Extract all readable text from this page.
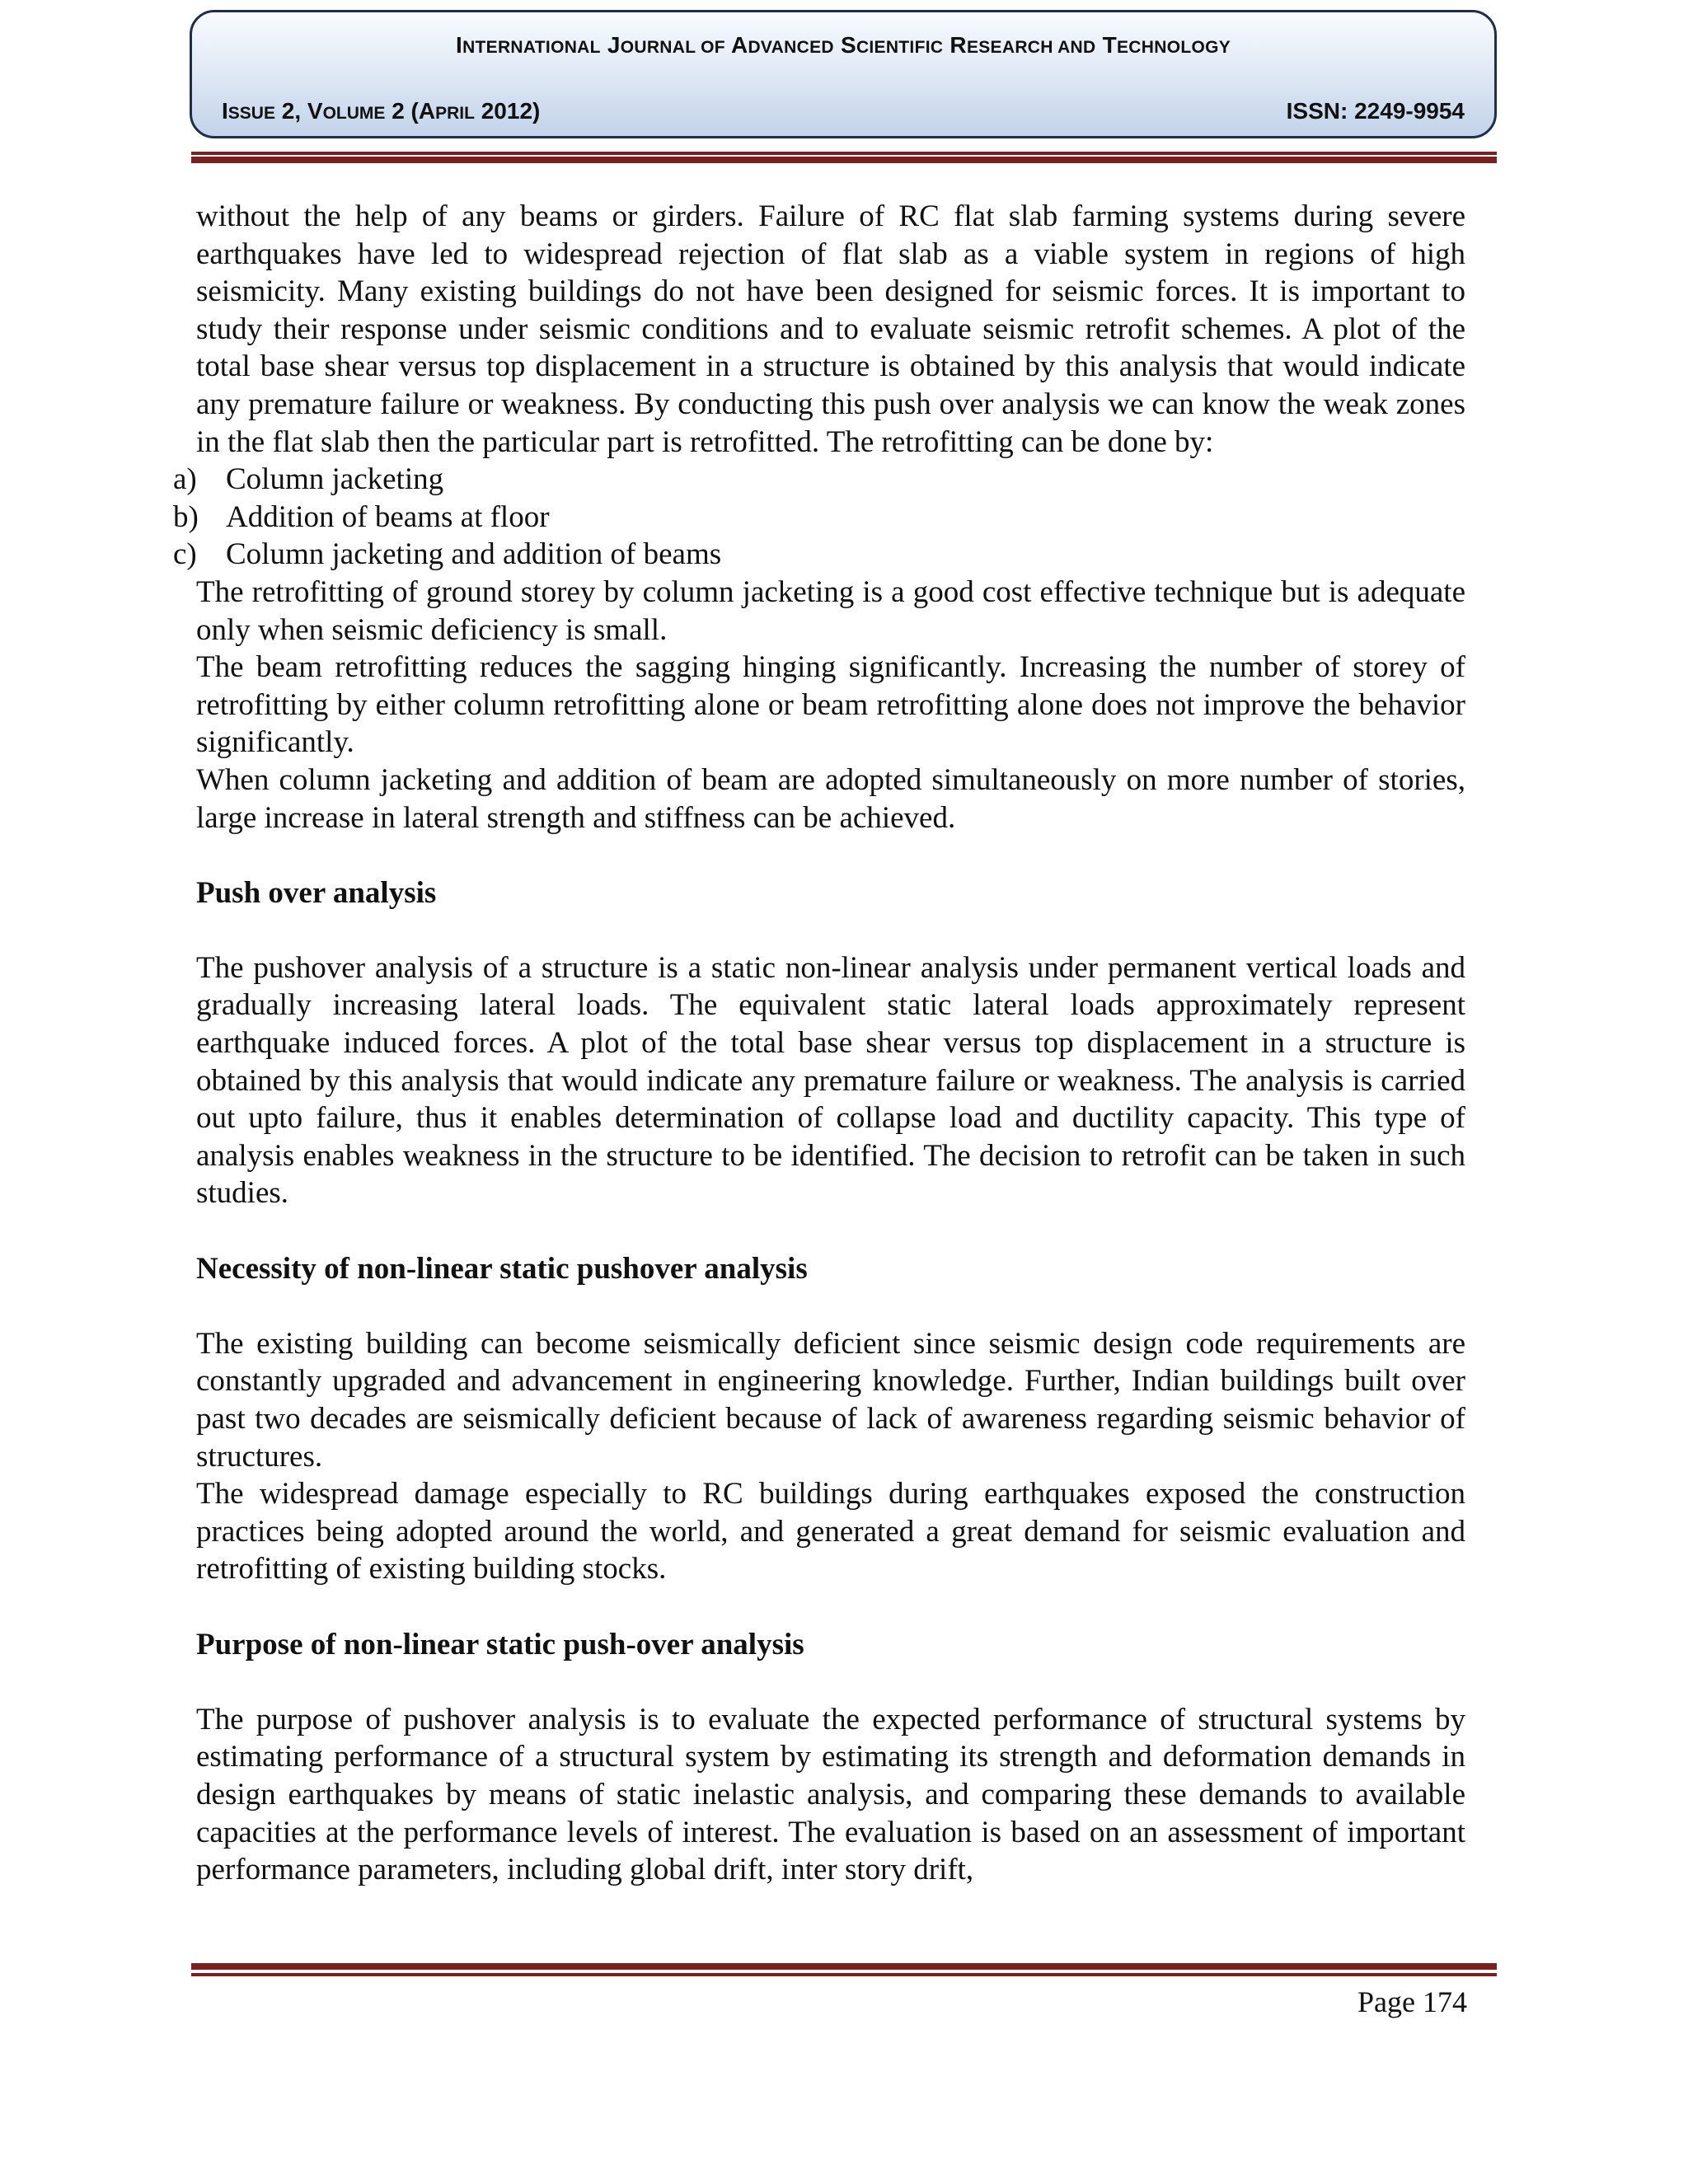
INTERNATIONAL JOURNAL OF ADVANCED SCIENTIFIC RESEARCH AND TECHNOLOGY
ISSUE 2, VOLUME 2 (APRIL 2012)	ISSN: 2249-9954

without the help of any beams or girders. Failure of RC flat slab farming systems during severe earthquakes have led to widespread rejection of flat slab as a viable system in regions of high seismicity. Many existing buildings do not have been designed for seismic forces. It is important to study their response under seismic conditions and to evaluate seismic retrofit schemes. A plot of the total base shear versus top displacement in a structure is obtained by this analysis that would indicate any premature failure or weakness. By conducting this push over analysis we can know the weak zones in the flat slab then the particular part is retrofitted. The retrofitting can be done by:

a) Column jacketing
b) Addition of beams at floor
c) Column jacketing and addition of beams

The retrofitting of ground storey by column jacketing is a good cost effective technique but is adequate only when seismic deficiency is small.

The beam retrofitting reduces the sagging hinging significantly. Increasing the number of storey of retrofitting by either column retrofitting alone or beam retrofitting alone does not improve the behavior significantly.

When column jacketing and addition of beam are adopted simultaneously on more number of stories, large increase in lateral strength and stiffness can be achieved.

Push over analysis

The pushover analysis of a structure is a static non-linear analysis under permanent vertical loads and gradually increasing lateral loads. The equivalent static lateral loads approximately represent earthquake induced forces. A plot of the total base shear versus top displacement in a structure is obtained by this analysis that would indicate any premature failure or weakness. The analysis is carried out upto failure, thus it enables determination of collapse load and ductility capacity. This type of analysis enables weakness in the structure to be identified. The decision to retrofit can be taken in such studies.

Necessity of non-linear static pushover analysis

The existing building can become seismically deficient since seismic design code requirements are constantly upgraded and advancement in engineering knowledge. Further, Indian buildings built over past two decades are seismically deficient because of lack of awareness regarding seismic behavior of structures.

The widespread damage especially to RC buildings during earthquakes exposed the construction practices being adopted around the world, and generated a great demand for seismic evaluation and retrofitting of existing building stocks.

Purpose of non-linear static push-over analysis

The purpose of pushover analysis is to evaluate the expected performance of structural systems by estimating performance of a structural system by estimating its strength and deformation demands in design earthquakes by means of static inelastic analysis, and comparing these demands to available capacities at the performance levels of interest. The evaluation is based on an assessment of important performance parameters, including global drift, inter story drift,

Page 174
